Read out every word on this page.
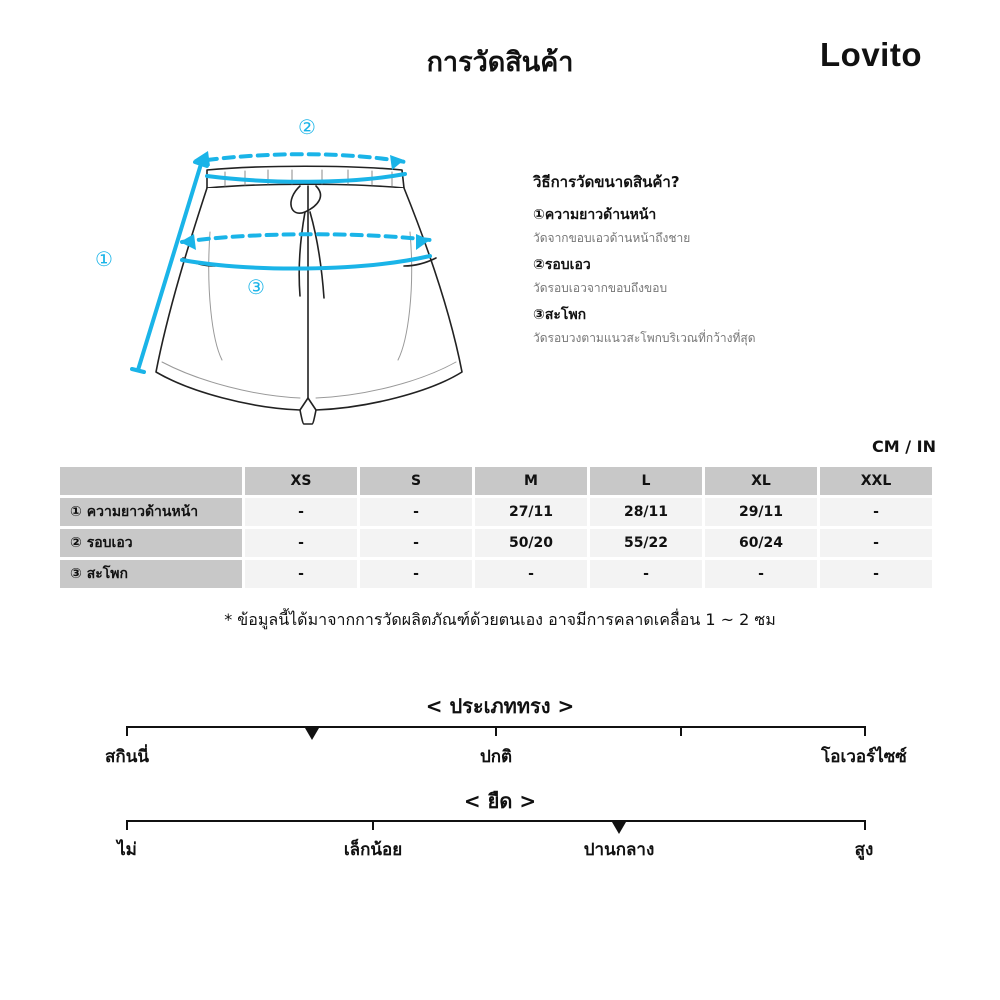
การวัดสินค้า	Lovito
②
①
③
วิธีการวัดขนาดสินค้า?
①ความยาวด้านหน้า
วัดจากขอบเอวด้านหน้าถึงชาย
②รอบเอว
วัดรอบเอวจากขอบถึงขอบ
③สะโพก
วัดรอบวงตามแนวสะโพกบริเวณที่กว้างที่สุด
CM / IN
	XS	S	M	L	XL	XXL
① ความยาวด้านหน้า	-	-	27/11	28/11	29/11	-
② รอบเอว	-	-	50/20	55/22	60/24	-
③ สะโพก	-	-	-	-	-	-
* ข้อมูลนี้ได้มาจากการวัดผลิตภัณฑ์ด้วยตนเอง อาจมีการคลาดเคลื่อน 1 ~ 2 ซม
< ประเภททรง >
สกินนี่	ปกติ	โอเวอร์ไซซ์
< ยืด >
ไม่	เล็กน้อย	ปานกลาง	สูง
